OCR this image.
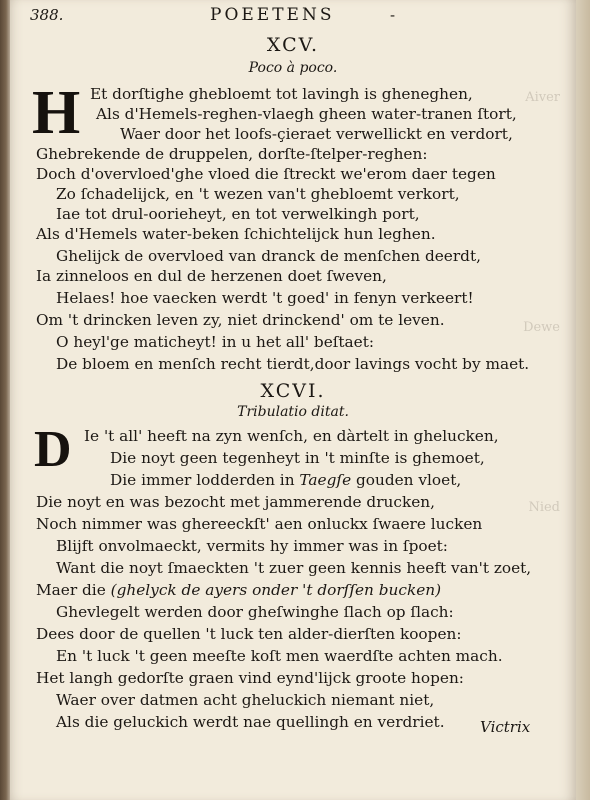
Aiver
Dewe
Nied
388.	POEETENS	-
XCV.
Poco à poco.
H Et dorſtighe ghebloemt tot lavingh is gheneghen,
Als d'Hemels-reghen-vlaegh gheen water-tranen ſtort,
Waer door het loofs-çieraet verwellickt en verdort,
Ghebrekende de druppelen, dorſte-ſtelper-reghen:
Doch d'overvloed'ghe vloed die ſtreckt we'erom daer tegen
Zo ſchadelijck, en 't wezen van't ghebloemt verkort,
Iae tot drul-oorieheyt, en tot verwelkingh port,
Als d'Hemels water-beken ſchichtelijck hun leghen.
Ghelijck de overvloed van dranck de menſchen deerdt,
Ia zinneloos en dul de herzenen doet ſweven,
Helaes! hoe vaecken werdt 't goed' in fenyn verkeert!
Om 't drincken leven zy, niet drinckend' om te leven.
O heyl'ge maticheyt! in u het all' beſtaet:
De bloem en menſch recht tierdt,door lavings vocht by maet.
XCVI.
Tribulatio ditat.
D Ie 't all' heeft na zyn wenſch, en dàrtelt in ghelucken,
Die noyt geen tegenheyt in 't minſte is ghemoet,
Die immer lodderden in Taegſe gouden vloet,
Die noyt en was bezocht met jammerende drucken,
Noch nimmer was ghereeckſt' aen onluckx ſwaere lucken
Blijft onvolmaeckt, vermits hy immer was in ſpoet:
Want die noyt ſmaeckten 't zuer geen kennis heeft van't zoet,
Maer die (ghelyck de ayers onder 't dorſſen bucken)
Ghevlegelt werden door gheſwinghe ſlach op ſlach:
Dees door de quellen 't luck ten alder-dierſten koopen:
En 't luck 't geen meeſte koſt men waerdſte achten mach.
Het langh gedorſte graen vind eynd'lijck groote hopen:
Waer over datmen acht gheluckich niemant niet,
Als die geluckich werdt nae quellingh en verdriet. Victrix
